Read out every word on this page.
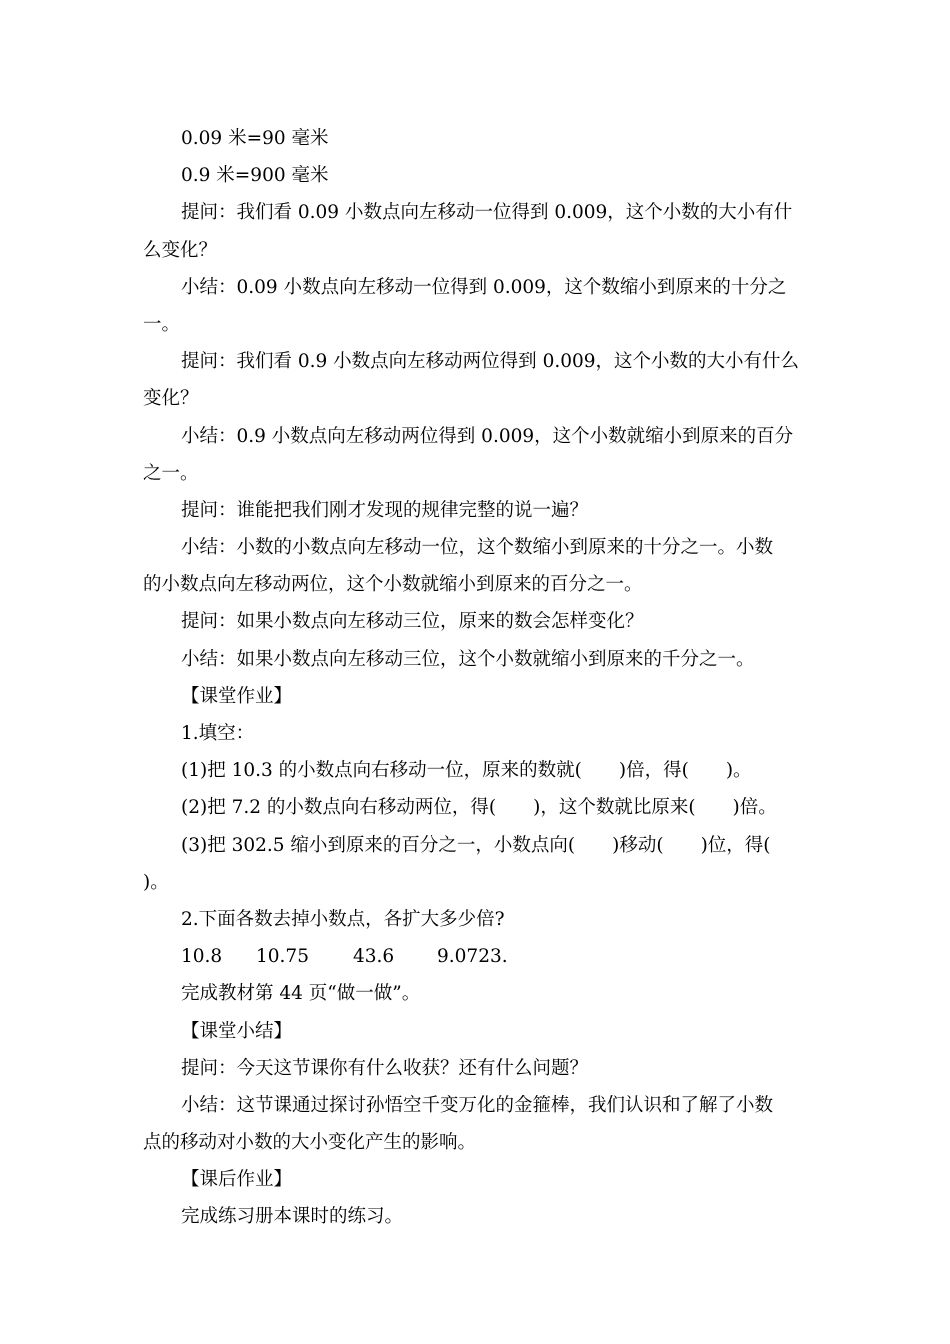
0.09 米=90 毫米
0.9 米=900 毫米
提问：我们看 0.09 小数点向左移动一位得到 0.009，这个小数的大小有什
么变化？
小结：0.09 小数点向左移动一位得到 0.009，这个数缩小到原来的十分之
一。
提问：我们看 0.9 小数点向左移动两位得到 0.009，这个小数的大小有什么
变化？
小结：0.9 小数点向左移动两位得到 0.009，这个小数就缩小到原来的百分
之一。
提问：谁能把我们刚才发现的规律完整的说一遍？
小结：小数的小数点向左移动一位，这个数缩小到原来的十分之一。小数
的小数点向左移动两位，这个小数就缩小到原来的百分之一。
提问：如果小数点向左移动三位，原来的数会怎样变化？
小结：如果小数点向左移动三位，这个小数就缩小到原来的千分之一。
【课堂作业】
1.填空：
(1)把 10.3 的小数点向右移动一位，原来的数就(　　)倍，得(　　)。
(2)把 7.2 的小数点向右移动两位，得(　　)，这个数就比原来(　　)倍。
(3)把 302.5 缩小到原来的百分之一，小数点向(　　)移动(　　)位，得(
)。
2.下面各数去掉小数点，各扩大多少倍?
10.8 10.75 43.6 9.0723.
完成教材第 44 页“做一做”。
【课堂小结】
提问：今天这节课你有什么收获？还有什么问题？
小结：这节课通过探讨孙悟空千变万化的金箍棒，我们认识和了解了小数
点的移动对小数的大小变化产生的影响。
【课后作业】
完成练习册本课时的练习。
